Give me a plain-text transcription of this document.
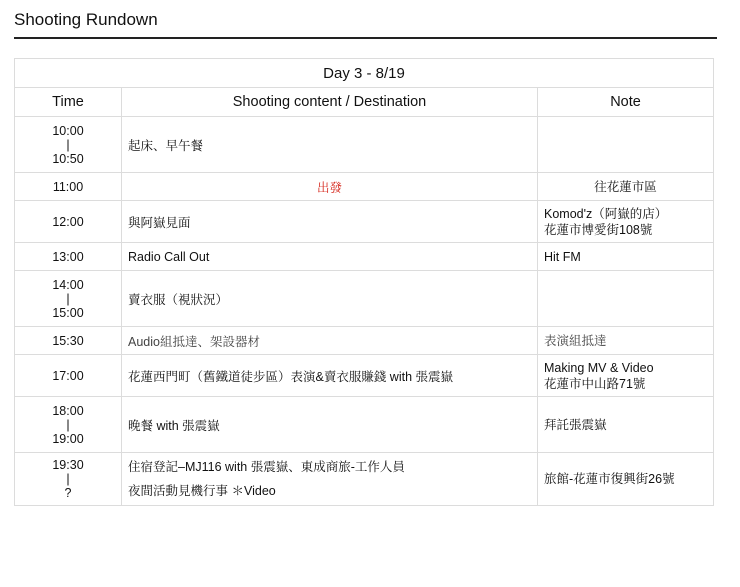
Shooting Rundown
Day 3 - 8/19		
Time	Shooting content / Destination	Note

10:00
|
10:50	起床、早午餐	

11:00	出發	往花蓮市區

12:00	與阿嶽見面	Komod'z（阿嶽的店）
花蓮市博愛街108號

13:00	Radio Call Out	Hit FM

14:00
|
15:00	賣衣服（視狀況）	

15:30	Audio組抵達、架設器材	表演組抵達

17:00	花蓮西門町（舊鐵道徒步區）表演&賣衣服賺錢 with 張震嶽	Making MV & Video
花蓮市中山路71號

18:00
|
19:00	晚餐 with 張震嶽	拜託張震嶽

19:30
|
?	住宿登記–MJ116 with 張震嶽、東成商旅-工作人員
夜間活動見機行事 ＊Video	旅館-花蓮市復興街26號
